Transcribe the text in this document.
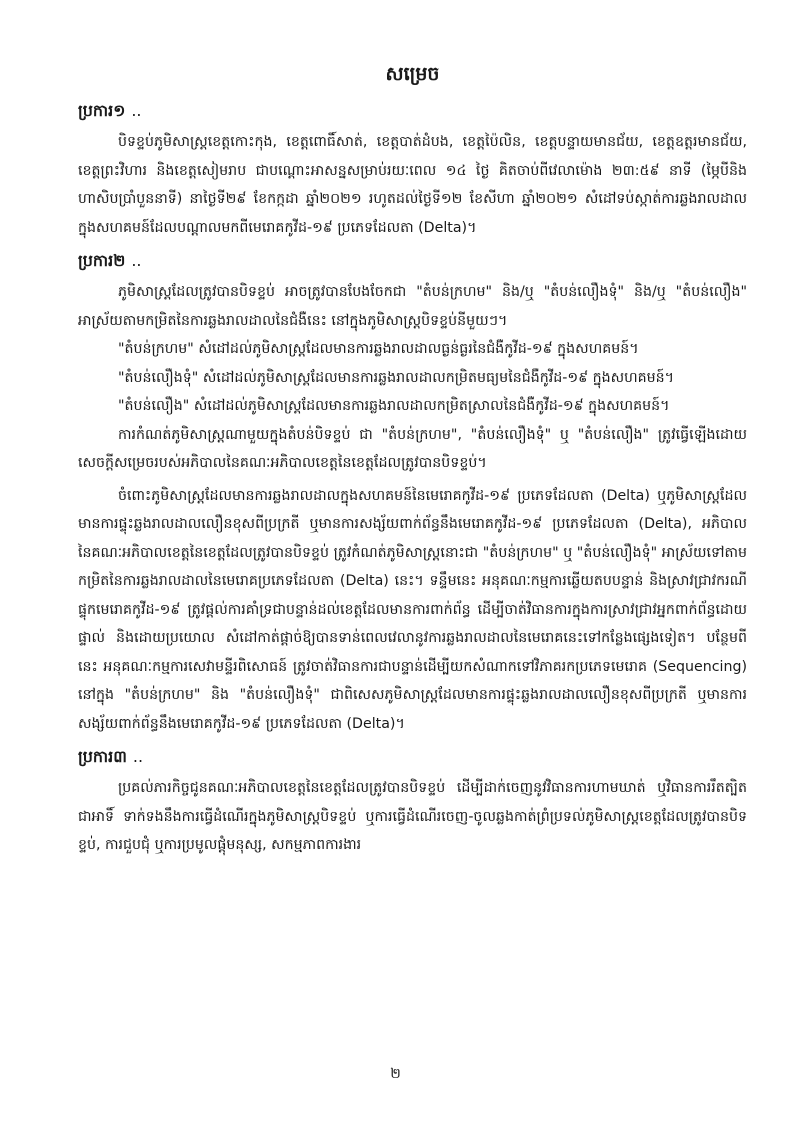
សម្រេច
ប្រការ១ ..

បិទខ្ទប់ភូមិសាស្ត្រខេត្តកោះកុង, ខេត្តពោធិ៍សាត់, ខេត្តបាត់ដំបង, ខេត្តប៉ៃលិន, ខេត្តបន្ទាយមានជ័យ, ខេត្តឧត្តរមានជ័យ, ខេត្តព្រះវិហារ និងខេត្តសៀមរាប ជាបណ្ដោះអាសន្នសម្រាប់រយៈពេល ១៤ ថ្ងៃ គិតចាប់ពីវេលាម៉ោង ២៣:៥៩ នាទី (ម្ភៃបីនិងហាសិបប្រាំបួននាទី) នាថ្ងៃទី២៩ ខែកក្កដា ឆ្នាំ២០២១ រហូតដល់ថ្ងៃទី១២ ខែសីហា ឆ្នាំ២០២១ សំដៅទប់ស្កាត់ការឆ្លងរាលដាលក្នុងសហគមន៍ដែលបណ្ដាលមកពីមេរោគកូវីដ-១៩ ប្រភេទដែលតា (Delta)។

ប្រការ២ ..

ភូមិសាស្ត្រដែលត្រូវបានបិទខ្ទប់ អាចត្រូវបានបែងចែកជា "តំបន់ក្រហម" និង/ឬ "តំបន់លឿងទុំ" និង/ឬ "តំបន់លឿង" អាស្រ័យតាមកម្រិតនៃការឆ្លងរាលដាលនៃជំងឺនេះ នៅក្នុងភូមិសាស្ត្របិទខ្ទប់នីមួយៗ។

"តំបន់ក្រហម" សំដៅដល់ភូមិសាស្ត្រដែលមានការឆ្លងរាលដាលធ្ងន់ធ្ងរនៃជំងឺកូវីដ-១៩ ក្នុងសហគមន៍។

"តំបន់លឿងទុំ" សំដៅដល់ភូមិសាស្ត្រដែលមានការឆ្លងរាលដាលកម្រិតមធ្យមនៃជំងឺកូវីដ-១៩ ក្នុងសហគមន៍។

"តំបន់លឿង" សំដៅដល់ភូមិសាស្ត្រដែលមានការឆ្លងរាលដាលកម្រិតស្រាលនៃជំងឺកូវីដ-១៩ ក្នុងសហគមន៍។

ការកំណត់ភូមិសាស្ត្រណាមួយក្នុងតំបន់បិទខ្ទប់ ជា "តំបន់ក្រហម", "តំបន់លឿងទុំ" ឬ "តំបន់លឿង" ត្រូវធ្វើឡើងដោយសេចក្តីសម្រេចរបស់អភិបាលនៃគណៈអភិបាលខេត្តនៃខេត្តដែលត្រូវបានបិទខ្ទប់។

ចំពោះភូមិសាស្ត្រដែលមានការឆ្លងរាលដាលក្នុងសហគមន៍នៃមេរោគកូវីដ-១៩ ប្រភេទដែលតា (Delta) ឬភូមិសាស្ត្រដែលមានការផ្ទុះឆ្លងរាលដាលលឿនខុសពីប្រក្រតី ឬមានការសង្ស័យពាក់ព័ន្ធនឹងមេរោគកូវីដ-១៩ ប្រភេទដែលតា (Delta), អភិបាលនៃគណៈអភិបាលខេត្តនៃខេត្តដែលត្រូវបានបិទខ្ទប់ ត្រូវកំណត់ភូមិសាស្ត្រនោះជា "តំបន់ក្រហម" ឬ "តំបន់លឿងទុំ" អាស្រ័យទៅតាមកម្រិតនៃការឆ្លងរាលដាលនៃមេរោគប្រភេទដែលតា (Delta) នេះ។ ទន្ទឹមនេះ អនុគណៈកម្មការឆ្លើយតបបន្ទាន់ និងស្រាវជ្រាវករណីផ្ទុកមេរោគកូវីដ-១៩ ត្រូវផ្តល់ការគាំទ្រជាបន្ទាន់ដល់ខេត្តដែលមានការពាក់ព័ន្ធ ដើម្បីចាត់វិធានការក្នុងការស្រាវជ្រាវអ្នកពាក់ព័ន្ធដោយផ្ទាល់ និងដោយប្រយោល សំដៅកាត់ផ្តាច់ឱ្យបានទាន់ពេលវេលានូវការឆ្លងរាលដាលនៃមេរោគនេះទៅកន្លែងផ្សេងទៀត។ បន្ថែមពីនេះ អនុគណៈកម្មការសេវាមន្ទីរពិសោធន៍ ត្រូវចាត់វិធានការជាបន្ទាន់ដើម្បីយកសំណាកទៅវិភាគរកប្រភេទមេរោគ (Sequencing) នៅក្នុង "តំបន់ក្រហម" និង "តំបន់លឿងទុំ" ជាពិសេសភូមិសាស្ត្រដែលមានការផ្ទុះឆ្លងរាលដាលលឿនខុសពីប្រក្រតី ឬមានការសង្ស័យពាក់ព័ន្ធនឹងមេរោគកូវីដ-១៩ ប្រភេទដែលតា (Delta)។

ប្រការ៣ ..

ប្រគល់ភារកិច្ចជូនគណៈអភិបាលខេត្តនៃខេត្តដែលត្រូវបានបិទខ្ទប់ ដើម្បីដាក់ចេញនូវវិធានការហាមឃាត់ ឬវិធានការរឹតត្បិត ជាអាទិ៍ ទាក់ទងនឹងការធ្វើដំណើរក្នុងភូមិសាស្ត្របិទខ្ទប់ ឬការធ្វើដំណើរចេញ-ចូលឆ្លងកាត់ព្រំប្រទល់ភូមិសាស្ត្រខេត្តដែលត្រូវបានបិទខ្ទប់, ការជួបជុំ ឬការប្រមូលផ្តុំមនុស្ស, សកម្មភាពការងារ

២
